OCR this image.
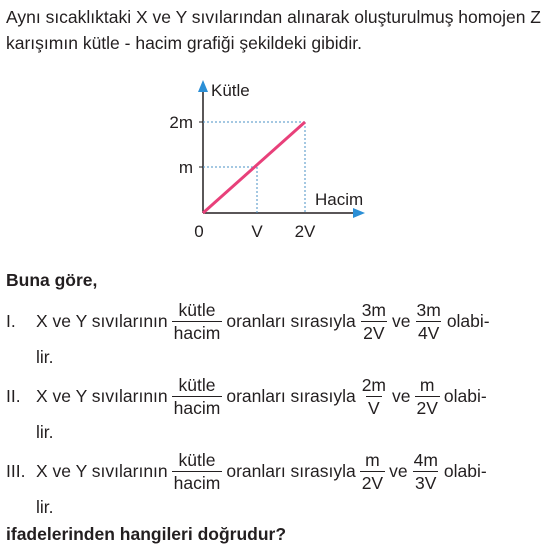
Aynı sıcaklıktaki X ve Y sıvılarından alınarak oluşturulmuş homojen Z karışımın kütle - hacim grafiği şekildeki gibidir.

Kütle
Hacim
2m
m
0	V 2V

Buna göre,

I.	X ve Y sıvılarının $\frac{\text{kütle}}{\text{hacim}}$ oranları sırasıyla $\frac{3m}{2V}$ ve $\frac{3m}{4V}$ olabi-
lir.
II. X ve Y sıvılarının $\frac{\text{kütle}}{\text{hacim}}$ oranları sırasıyla $\frac{2m}{V}$ ve $\frac{m}{2V}$ olabi-
lir.
III. X ve Y sıvılarının $\frac{\text{kütle}}{\text{hacim}}$ oranları sırasıyla $\frac{m}{2V}$ ve $\frac{4m}{3V}$ olabi-
lir.

ifadelerinden hangileri doğrudur?
